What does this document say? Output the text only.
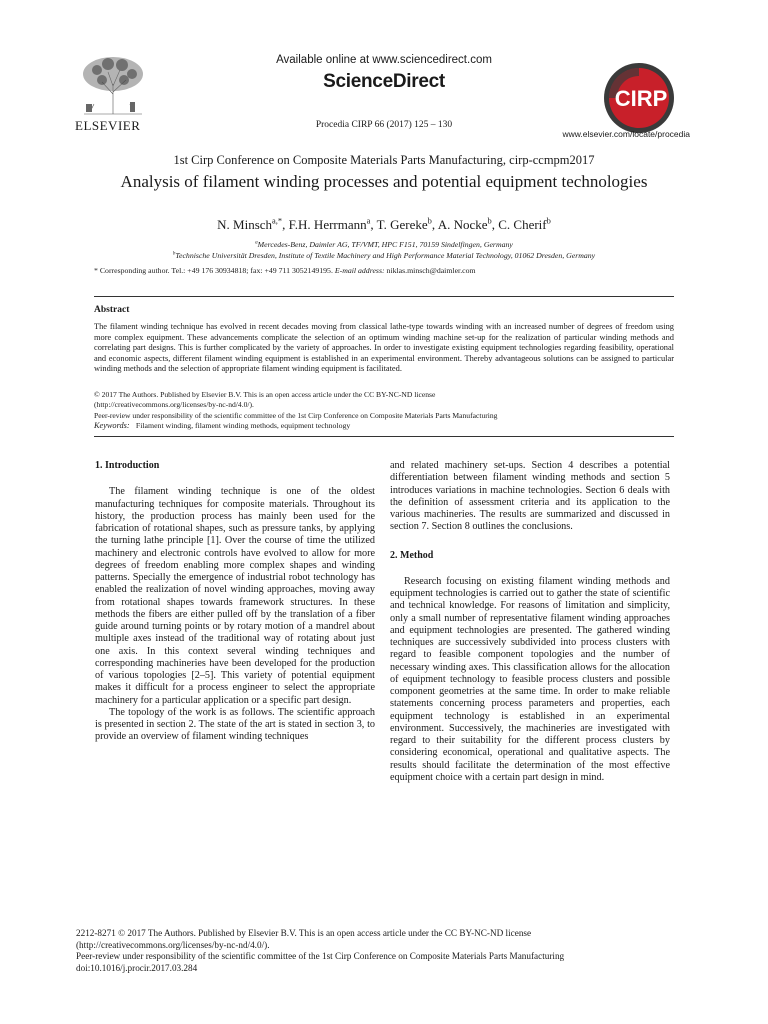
ELSEVIER
Available online at www.sciencedirect.com
ScienceDirect
Procedia CIRP 66 (2017) 125 – 130
CIRP
www.elsevier.com/locate/procedia
1st Cirp Conference on Composite Materials Parts Manufacturing, cirp-ccmpm2017
Analysis of filament winding processes and potential equipment technologies
N. Minsch$^{a,*}$, F.H. Herrmann$^a$, T. Gereke$^b$, A. Nocke$^b$, C. Cherif$^b$
$^a$Mercedes-Benz, Daimler AG, TF/VMT, HPC F151, 70159 Sindelfingen, Germany
$^b$Technische Universität Dresden, Institute of Textile Machinery and High Performance Material Technology, 01062 Dresden, Germany
* Corresponding author. Tel.: +49 176 30934818; fax: +49 711 3052149195. E-mail address: niklas.minsch@daimler.com
Abstract
The filament winding technique has evolved in recent decades moving from classical lathe-type towards winding with an increased number of degrees of freedom using more complex equipment. These advancements complicate the selection of an optimum winding machine set-up for the realization of particular winding methods and correlating part designs. This is further complicated by the variety of approaches. In order to investigate existing equipment technologies regarding feasibility, operational and economic aspects, different filament winding equipment is established in an experimental environment. Thereby advantageous solutions can be assigned to particular winding methods and the selection of appropriate filament winding equipment is facilitated.
© 2017 The Authors. Published by Elsevier B.V. This is an open access article under the CC BY-NC-ND license
(http://creativecommons.org/licenses/by-nc-nd/4.0/).
Peer-review under responsibility of the scientific committee of the 1st Cirp Conference on Composite Materials Parts Manufacturing
Keywords: Filament winding, filament winding methods, equipment technology
1. Introduction

The filament winding technique is one of the oldest manufacturing techniques for composite materials. Throughout its history, the production process has mainly been used for the fabrication of rotational shapes, such as pressure tanks, by applying the turning lathe principle [1]. Over the course of time the utilized machinery and electronic controls have evolved to allow for more degrees of freedom enabling more complex shapes and winding patterns. Specially the emergence of industrial robot technology has enabled the realization of novel winding approaches, moving away from rotational shapes towards framework structures. In these methods the fibers are either pulled off by the translation of a fiber guide around turning points or by rotary motion of a mandrel about multiple axes instead of the traditional way of rotating about just one axis. In this context several winding techniques and corresponding machineries have been developed for the production of various topologies [2–5]. This variety of potential equipment makes it difficult for a process engineer to select the appropriate machinery for a particular application or a specific part design.

The topology of the work is as follows. The scientific approach is presented in section 2. The state of the art is stated in section 3, to provide an overview of filament winding techniques

and related machinery set-ups. Section 4 describes a potential differentiation between filament winding methods and section 5 introduces variations in machine technologies. Section 6 deals with the definition of assessment criteria and its application to the various machineries. The results are summarized and discussed in section 7. Section 8 outlines the conclusions.

2. Method

Research focusing on existing filament winding methods and equipment technologies is carried out to gather the state of scientific and technical knowledge. For reasons of limitation and simplicity, only a small number of representative filament winding approaches and equipment technologies are presented. The gathered winding techniques are successively subdivided into process clusters with regard to feasible component topologies and the number of necessary winding axes. This classification allows for the allocation of equipment technology to feasible process clusters and possible component geometries at the same time. In order to make reliable statements concerning process parameters and properties, each equipment technology is established in an experimental environment. Successively, the machineries are investigated with regard to their suitability for the different process clusters by considering economical, operational and qualitative aspects. The results should facilitate the determination of the most effective equipment choice with a certain part design in mind.

2212-8271 © 2017 The Authors. Published by Elsevier B.V. This is an open access article under the CC BY-NC-ND license
(http://creativecommons.org/licenses/by-nc-nd/4.0/).
Peer-review under responsibility of the scientific committee of the 1st Cirp Conference on Composite Materials Parts Manufacturing
doi:10.1016/j.procir.2017.03.284
